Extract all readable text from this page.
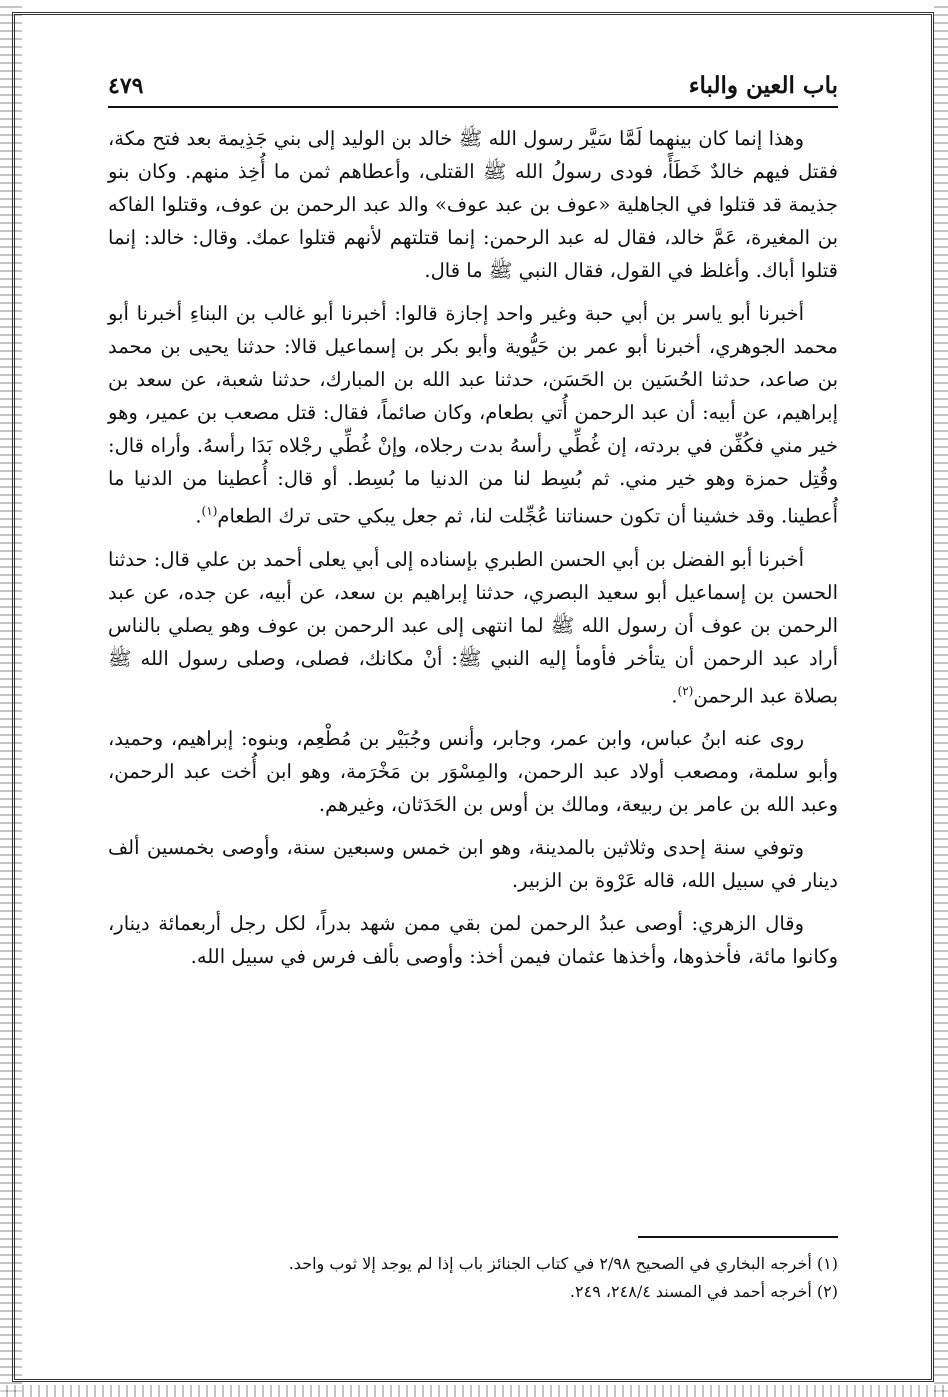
باب العين والباء
٤٧٩

وهذا إنما كان بينهما لَمَّا سَيَّر رسول الله ﷺ خالد بن الوليد إلى بني جَذِيمة بعد فتح مكة، فقتل فيهم خالدٌ خَطَأً، فودى رسولُ الله ﷺ القتلى، وأعطاهم ثمن ما أُخِذ منهم. وكان بنو جذيمة قد قتلوا في الجاهلية «عوف بن عبد عوف» والد عبد الرحمن بن عوف، وقتلوا الفاكه بن المغيرة، عَمَّ خالد، فقال له عبد الرحمن: إنما قتلتهم لأنهم قتلوا عمك. وقال: خالد: إنما قتلوا أباك. وأغلظ في القول، فقال النبي ﷺ ما قال.

أخبرنا أبو ياسر بن أبي حبة وغير واحد إجازة قالوا: أخبرنا أبو غالب بن البناءِ أخبرنا أبو محمد الجوهري، أخبرنا أبو عمر بن حَيُّوية وأبو بكر بن إسماعيل قالا: حدثنا يحيى بن محمد بن صاعد، حدثنا الحُسَين بن الحَسَن، حدثنا عبد الله بن المبارك، حدثنا شعبة، عن سعد بن إبراهيم، عن أبيه: أن عبد الرحمن أُتي بطعام، وكان صائماً، فقال: قتل مصعب بن عمير، وهو خير مني فكُفِّن في بردته، إن غُطِّي رأسهُ بدت رجلاه، وإنْ غُطِّي رجْلاه بَدَا رأسهُ. وأراه قال: وقُتِل حمزة وهو خير مني. ثم بُسِط لنا من الدنيا ما بُسِط. أو قال: أُعطينا من الدنيا ما أُعطينا. وقد خشينا أن تكون حسناتنا عُجِّلت لنا، ثم جعل يبكي حتى ترك الطعام$^{(١)}$.

أخبرنا أبو الفضل بن أبي الحسن الطبري بإسناده إلى أبي يعلى أحمد بن علي قال: حدثنا الحسن بن إسماعيل أبو سعيد البصري، حدثنا إبراهيم بن سعد، عن أبيه، عن جده، عن عبد الرحمن بن عوف أن رسول الله ﷺ لما انتهى إلى عبد الرحمن بن عوف وهو يصلي بالناس أراد عبد الرحمن أن يتأخر فأومأ إليه النبي ﷺ: أنْ مكانك، فصلى، وصلى رسول الله ﷺ بصلاة عبد الرحمن$^{(٢)}$.

روى عنه ابنُ عباس، وابن عمر، وجابر، وأنس وجُبَيْر بن مُطْعِم، وبنوه: إبراهيم، وحميد، وأبو سلمة، ومصعب أولاد عبد الرحمن، والمِسْوَر بن مَخْرَمة، وهو ابن أُخت عبد الرحمن، وعبد الله بن عامر بن ربيعة، ومالك بن أوس بن الحَدَثان، وغيرهم.

وتوفي سنة إحدى وثلاثين بالمدينة، وهو ابن خمس وسبعين سنة، وأوصى بخمسين ألف دينار في سبيل الله، قاله عَرْوة بن الزبير.

وقال الزهري: أوصى عبدُ الرحمن لمن بقي ممن شهد بدراً، لكل رجل أربعمائة دينار، وكانوا مائة، فأخذوها، وأخذها عثمان فيمن أخذ: وأوصى بألف فرس في سبيل الله.

(١) أخرجه البخاري في الصحيح ٢/٩٨ في كتاب الجنائز باب إذا لم يوجد إلا ثوب واحد.
(٢) أخرجه أحمد في المسند ٢٤٨/٤، ٢٤٩.
